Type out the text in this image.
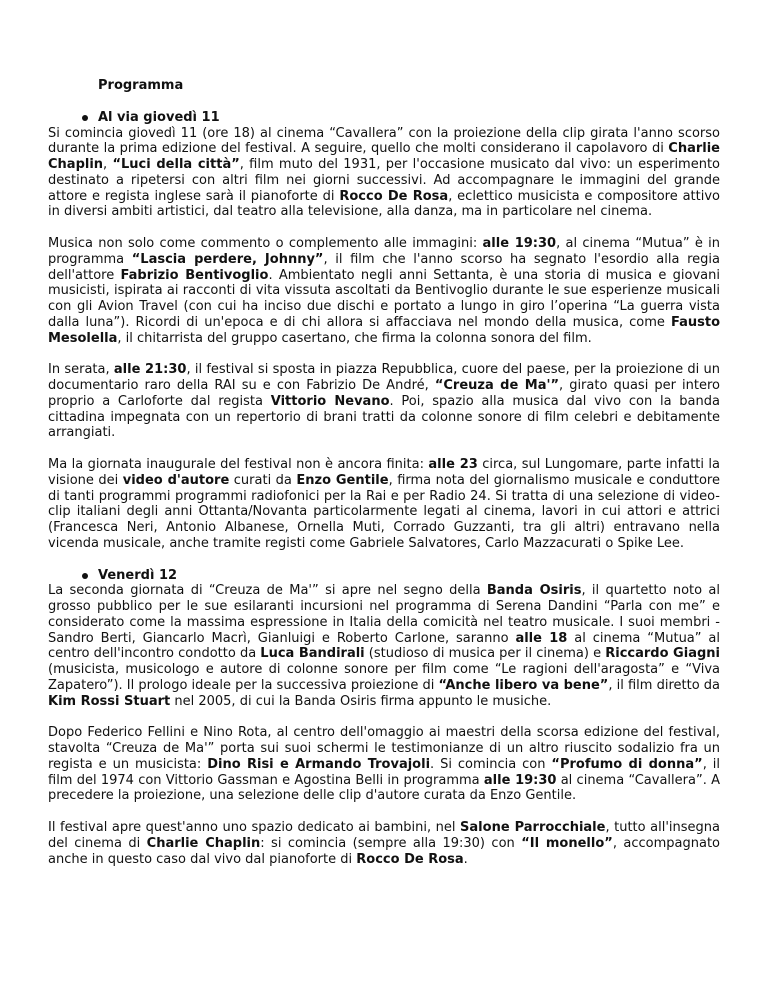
Programma
Al via giovedì 11

Si comincia giovedì 11 (ore 18) al cinema “Cavallera” con la proiezione della clip girata l'anno scorso durante la prima edizione del festival. A seguire, quello che molti considerano il capolavoro di Charlie Chaplin, “Luci della città”, film muto del 1931, per l'occasione musicato dal vivo: un esperimento destinato a ripetersi con altri film nei giorni successivi. Ad accompagnare le immagini del grande attore e regista inglese sarà il pianoforte di Rocco De Rosa, eclettico musicista e compositore attivo in diversi ambiti artistici, dal teatro alla televisione, alla danza, ma in particolare nel cinema.

Musica non solo come commento o complemento alle immagini: alle 19:30, al cinema “Mutua” è in programma “Lascia perdere, Johnny”, il film che l'anno scorso ha segnato l'esordio alla regia dell'attore Fabrizio Bentivoglio. Ambientato negli anni Settanta, è una storia di musica e giovani musicisti, ispirata ai racconti di vita vissuta ascoltati da Bentivoglio durante le sue esperienze musicali con gli Avion Travel (con cui ha inciso due dischi e portato a lungo in giro l’operina “La guerra vista dalla luna”). Ricordi di un'epoca e di chi allora si affacciava nel mondo della musica, come Fausto Mesolella, il chitarrista del gruppo casertano, che firma la colonna sonora del film.

In serata, alle 21:30, il festival si sposta in piazza Repubblica, cuore del paese, per la proiezione di un documentario raro della RAI su e con Fabrizio De André, “Creuza de Ma'”, girato quasi per intero proprio a Carloforte dal regista Vittorio Nevano. Poi, spazio alla musica dal vivo con la banda cittadina impegnata con un repertorio di brani tratti da colonne sonore di film celebri e debitamente arrangiati.

Ma la giornata inaugurale del festival non è ancora finita: alle 23 circa, sul Lungomare, parte infatti la visione dei video d'autore curati da Enzo Gentile, firma nota del giornalismo musicale e conduttore di tanti programmi programmi radiofonici per la Rai e per Radio 24. Si tratta di una selezione di video-clip italiani degli anni Ottanta/Novanta particolarmente legati al cinema, lavori in cui attori e attrici (Francesca Neri, Antonio Albanese, Ornella Muti, Corrado Guzzanti, tra gli altri) entravano nella vicenda musicale, anche tramite registi come Gabriele Salvatores, Carlo Mazzacurati o Spike Lee.

Venerdì 12

La seconda giornata di “Creuza de Ma'” si apre nel segno della Banda Osiris, il quartetto noto al grosso pubblico per le sue esilaranti incursioni nel programma di Serena Dandini “Parla con me” e considerato come la massima espressione in Italia della comicità nel teatro musicale. I suoi membri - Sandro Berti, Giancarlo Macrì, Gianluigi e Roberto Carlone, saranno alle 18 al cinema “Mutua” al centro dell'incontro condotto da Luca Bandirali (studioso di musica per il cinema) e Riccardo Giagni (musicista, musicologo e autore di colonne sonore per film come “Le ragioni dell'aragosta” e “Viva Zapatero”). Il prologo ideale per la successiva proiezione di “Anche libero va bene”, il film diretto da Kim Rossi Stuart nel 2005, di cui la Banda Osiris firma appunto le musiche.

Dopo Federico Fellini e Nino Rota, al centro dell'omaggio ai maestri della scorsa edizione del festival, stavolta “Creuza de Ma'” porta sui suoi schermi le testimonianze di un altro riuscito sodalizio fra un regista e un musicista: Dino Risi e Armando Trovajoli. Si comincia con “Profumo di donna”, il film del 1974 con Vittorio Gassman e Agostina Belli in programma alle 19:30 al cinema “Cavallera”. A precedere la proiezione, una selezione delle clip d'autore curata da Enzo Gentile.

Il festival apre quest'anno uno spazio dedicato ai bambini, nel Salone Parrocchiale, tutto all'insegna del cinema di Charlie Chaplin: si comincia (sempre alla 19:30) con “Il monello”, accompagnato anche in questo caso dal vivo dal pianoforte di Rocco De Rosa.
